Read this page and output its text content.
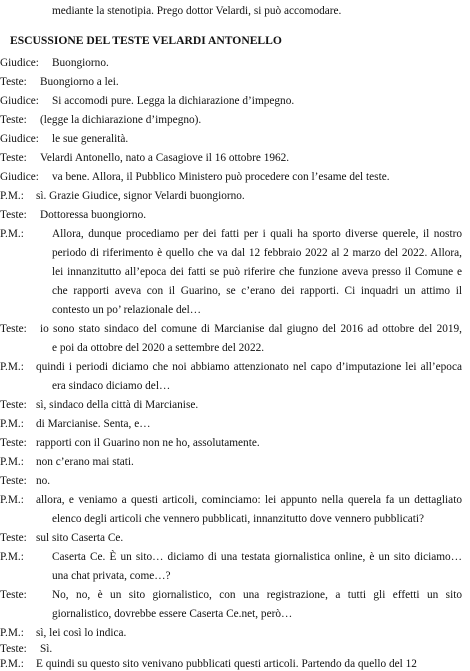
mediante la stenotipia. Prego dottor Velardi, si può accomodare.
ESCUSSIONE DEL TESTE VELARDI ANTONELLO
Giudice: Buongiorno.
Teste: Buongiorno a lei.
Giudice: Si accomodi pure. Legga la dichiarazione d’impegno.
Teste: (legge la dichiarazione d’impegno).
Giudice: le sue generalità.
Teste: Velardi Antonello, nato a Casagiove il 16 ottobre 1962.
Giudice: va bene. Allora, il Pubblico Ministero può procedere con l’esame del teste.
P.M.: sì. Grazie Giudice, signor Velardi buongiorno.
Teste: Dottoressa buongiorno.
P.M.: Allora, dunque procediamo per dei fatti per i quali ha sporto diverse querele, il nostro
periodo di riferimento è quello che va dal 12 febbraio 2022 al 2 marzo del 2022. Allora,
lei innanzitutto all’epoca dei fatti se può riferire che funzione aveva presso il Comune e
che rapporti aveva con il Guarino, se c’erano dei rapporti. Ci inquadri un attimo il
contesto un po’ relazionale del…
Teste: io sono stato sindaco del comune di Marcianise dal giugno del 2016 ad ottobre del 2019,
e poi da ottobre del 2020 a settembre del 2022.
P.M.: quindi i periodi diciamo che noi abbiamo attenzionato nel capo d’imputazione lei all’epoca
era sindaco diciamo del…
Teste: sì, sindaco della città di Marcianise.
P.M.: di Marcianise. Senta, e…
Teste: rapporti con il Guarino non ne ho, assolutamente.
P.M.: non c’erano mai stati.
Teste: no.
P.M.: allora, e veniamo a questi articoli, cominciamo: lei appunto nella querela fa un dettagliato
elenco degli articoli che vennero pubblicati, innanzitutto dove vennero pubblicati?
Teste: sul sito Caserta Ce.
P.M.: Caserta Ce. È un sito… diciamo di una testata giornalistica online, è un sito diciamo…
una chat privata, come…?
Teste: No, no, è un sito giornalistico, con una registrazione, a tutti gli effetti un sito
giornalistico, dovrebbe essere Caserta Ce.net, però…
P.M.: sì, lei così lo indica.
Teste: Sì.
P.M.: E quindi su questo sito venivano pubblicati questi articoli. Partendo da quello del 12
